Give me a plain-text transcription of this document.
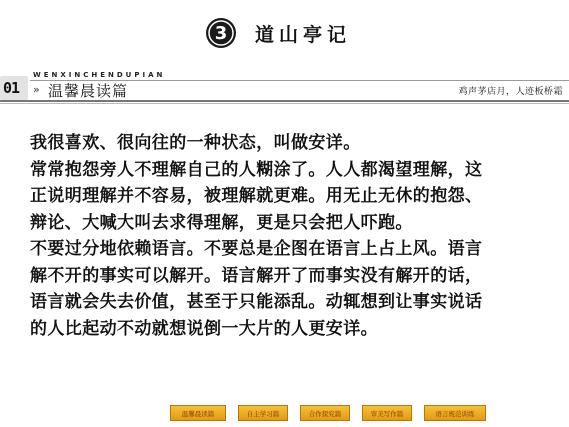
3	道山亭记
01
WENXINCHENDUPIAN
» 温馨晨读篇	鸡声茅店月，人迹板桥霜

我很喜欢、很向往的一种状态，叫做安详。

常常抱怨旁人不理解自己的人糊涂了。人人都渴望理解，这
正说明理解并不容易，被理解就更难。用无止无休的抱怨、
辩论、大喊大叫去求得理解，更是只会把人吓跑。

不要过分地依赖语言。不要总是企图在语言上占上风。语言
解不开的事实可以解开。语言解开了而事实没有解开的话，
语言就会失去价值，甚至于只能添乱。动辄想到让事实说话
的人比起动不动就想说倒一大片的人更安详。

温馨晨读篇	自主学习篇	合作探究篇	审美写作篇	语言规范训练
